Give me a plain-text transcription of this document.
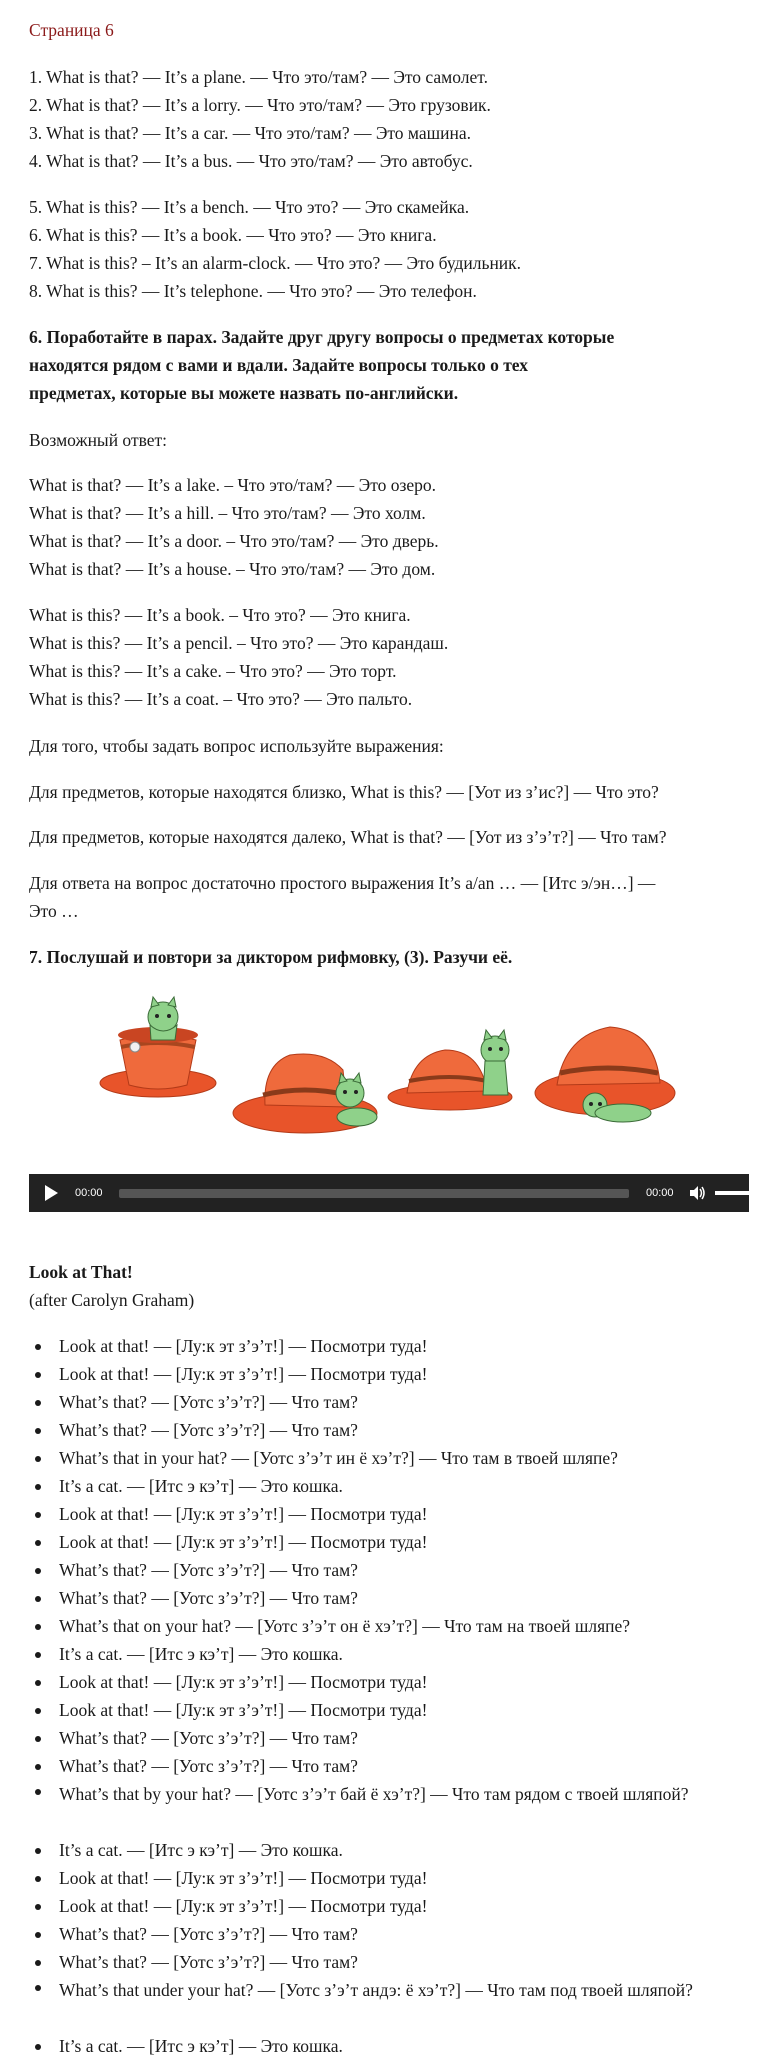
Страница 6
1. What is that? — It’s a plane. — Что это/там? — Это самолет.
2. What is that? — It’s a lorry. — Что это/там? — Это грузовик.
3. What is that? — It’s a car. — Что это/там? — Это машина.
4. What is that? — It’s a bus. — Что это/там? — Это автобус.
5. What is this? — It’s a bench. — Что это? — Это скамейка.
6. What is this? — It’s a book. — Что это? — Это книга.
7. What is this? – It’s an alarm-clock. — Что это? — Это будильник.
8. What is this? — It’s telephone. — Что это? — Это телефон.
6. Поработайте в парах. Задайте друг другу вопросы о предметах которые
находятся рядом с вами и вдали. Задайте вопросы только о тех
предметах, которые вы можете назвать по-английски.
Возможный ответ:
What is that? — It’s a lake. – Что это/там? — Это озеро.
What is that? — It’s a hill. – Что это/там? — Это холм.
What is that? — It’s a door. – Что это/там? — Это дверь.
What is that? — It’s a house. – Что это/там? — Это дом.
What is this? — It’s a book. – Что это? — Это книга.
What is this? — It’s a pencil. – Что это? — Это карандаш.
What is this? — It’s a cake. – Что это? — Это торт.
What is this? — It’s a coat. – Что это? — Это пальто.
Для того, чтобы задать вопрос используйте выражения:
Для предметов, которые находятся близко, What is this? — [Уот из з’ис?] — Что это?
Для предметов, которые находятся далеко, What is that? — [Уот из з’э’т?] — Что там?
Для ответа на вопрос достаточно простого выражения It’s a/an … — [Итс э/эн…] —
Это …
7. Послушай и повтори за диктором рифмовку, (3). Разучи её.
00:00	00:00
Look at That!
(after Carolyn Graham)
Look at that! — [Лу:к эт з’э’т!] — Посмотри туда!
Look at that! — [Лу:к эт з’э’т!] — Посмотри туда!
What’s that? — [Уотс з’э’т?] — Что там?
What’s that? — [Уотс з’э’т?] — Что там?
What’s that in your hat? — [Уотс з’э’т ин ё хэ’т?] — Что там в твоей шляпе?
It’s a cat. — [Итс э кэ’т] — Это кошка.
Look at that! — [Лу:к эт з’э’т!] — Посмотри туда!
Look at that! — [Лу:к эт з’э’т!] — Посмотри туда!
What’s that? — [Уотс з’э’т?] — Что там?
What’s that? — [Уотс з’э’т?] — Что там?
What’s that on your hat? — [Уотс з’э’т он ё хэ’т?] — Что там на твоей шляпе?
It’s a cat. — [Итс э кэ’т] — Это кошка.
Look at that! — [Лу:к эт з’э’т!] — Посмотри туда!
Look at that! — [Лу:к эт з’э’т!] — Посмотри туда!
What’s that? — [Уотс з’э’т?] — Что там?
What’s that? — [Уотс з’э’т?] — Что там?
What’s that by your hat? — [Уотс з’э’т бай ё хэ’т?] — Что там рядом с твоей шляпой?
It’s a cat. — [Итс э кэ’т] — Это кошка.
Look at that! — [Лу:к эт з’э’т!] — Посмотри туда!
Look at that! — [Лу:к эт з’э’т!] — Посмотри туда!
What’s that? — [Уотс з’э’т?] — Что там?
What’s that? — [Уотс з’э’т?] — Что там?
What’s that under your hat? — [Уотс з’э’т андэ: ё хэ’т?] — Что там под твоей шляпой?
It’s a cat. — [Итс э кэ’т] — Это кошка.
